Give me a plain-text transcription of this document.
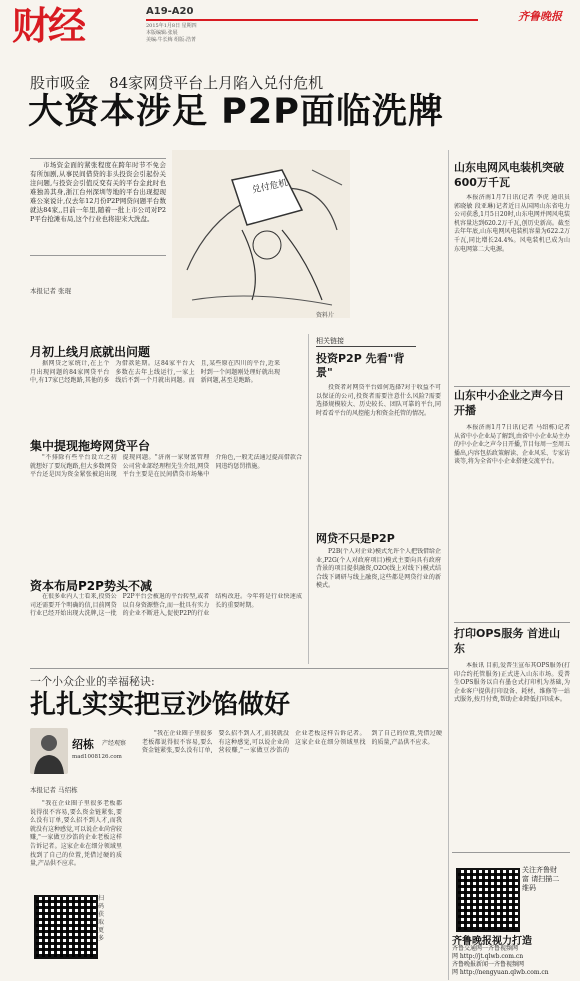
财经	A19-A20
2015年1月8日 星期四
本版编辑:张展
美编:牛长梅 组版:浩菁
齐鲁晚报
股市吸金    84家网贷平台上月陷入兑付危机
大资本涉足 P2P面临洗牌
市场资金面的紧张程度在跨年时节不免会有所加剧,从事民间借贷的非头投资会引起份关注问题,与投资会引值反变有关的平台金此时也难独善其身,浙江台州深圳等地的平台出现提现难公案说计,仅去年12月份P2P网贷问题平台数就达84家,,目前一年里,随着一批上市公司对P2P平台抢滩布局,这个行业也将迎来大洗盘。
本报记者 张琨
兑付危机
资料片
月初上线月底就出问题
据网贷之家统计,在上个月出现问题的84家网贷平台中,有17家已经跑路,其他的多为借款延期。这84家平台大多数在去年上线运行,一家上线后不到一个月就出问题。而且,某些原在四川的平台,近来时到一个问题刚处理好就出现新问题,甚至是跑路。
集中提现拖垮网贷平台
"不排除有些平台设立之初就想好了要玩跑路,但大多数网贷平台还是因为资金紧张被迫出现提现问题。"济南一家财富管理公司营业部经理程先生介绍,网贷平台主要是在民间借贷市场集中介角色,一般无法通过提高借款合同违约惩罚措施。
资本布局P2P势头不减
在很多业内人士看来,投资公司还需要开个明确的信,目前网贷行业已经开始出现大洗牌,这一批P2P平台会被退的平台转型,或者以自身资源整合,而一批具有实力的企业不断进入,促使P2P的行业结构改进。今年将是行业快速成长的重要时期。
相关链接
投资P2P 先看"背景"
投资者对网贷平台如何选择?对于收益不可以保证的公司,投资者需要注意什么风险?需要选择规模较大、历史较长、团队可靠的平台,同时看看平台的风控能力和资金托管的情况。
网贷不只是P2P
P2B(个人对企业)模式允许个人把钱借给企业,P2G(个人对政府项目)模式主要向具有政府背景的项目提供融资,O2O(线上对线下)模式结合线下调研与线上融资,这些都是网贷行业的新模式。
山东电网风电装机突破600万千瓦
本报济南1月7日讯(记者 李虎 通讯员 郭晓敏 段亚琳)记者近日从国网山东省电力公司获悉,1月5日20时,山东电网并网风电装机容量达到620.2万千瓦,创历史新高。截至去年年底,山东电网风电装机容量为622.2万千瓦,同比增长24.4%。风电装机已成为山东电网第二大电源。
山东中小企业之声今日开播
本报济南1月7日讯(记者 马绍栋)记者从省中小企业局了解到,由省中小企业局主办的中小企业之声今日开播,节目每周一至周五播出,内容包括政策解读、企业风采、专家访谈等,将为全省中小企业搭建交流平台。
打印OPS服务 首进山东
本报讯 目前,爱普生宣布其OPS服务(打印合约托管服务)正式进入山东市场。爱普生OPS服务以自有墨仓式打印机为基础,为企业客户提供打印设备、耗材、维修等一站式服务,按月付费,帮助企业降低打印成本。
一个小众企业的幸福秘诀:
扎扎实实把豆沙馅做好
绍栋 产经观察
mad1008126.com
本报记者 马绍栋
"我在企业圈子里很多老板都说得很不容易,要么资金链紧张,要么没有订单,要么招不到人才,而我就没有这种感觉,可以说企业尚营较赚,"一家做豆沙馅的企业老板这样告诉记者。这家企业在细分领域里找到了自己的位置,凭借过硬的质量,产品供不应求。
"我在企业圈子里很多老板都说得很不容易,要么资金链紧张,要么没有订单,要么招不到人才,而我就没有这种感觉,可以说企业尚营较赚,"一家做豆沙馅的企业老板这样告诉记者。这家企业在细分领域里找到了自己的位置,凭借过硬的质量,产品供不应求。
扫码获取更多
关注齐鲁财富 请扫描二维码
齐鲁晚报视力打造
齐鲁交通网一齐鲁视频网
网 http://jt.qlwb.com.cn
齐鲁晚报新闻一齐鲁视频网
网 http://nengyuan.qlwb.com.cn
